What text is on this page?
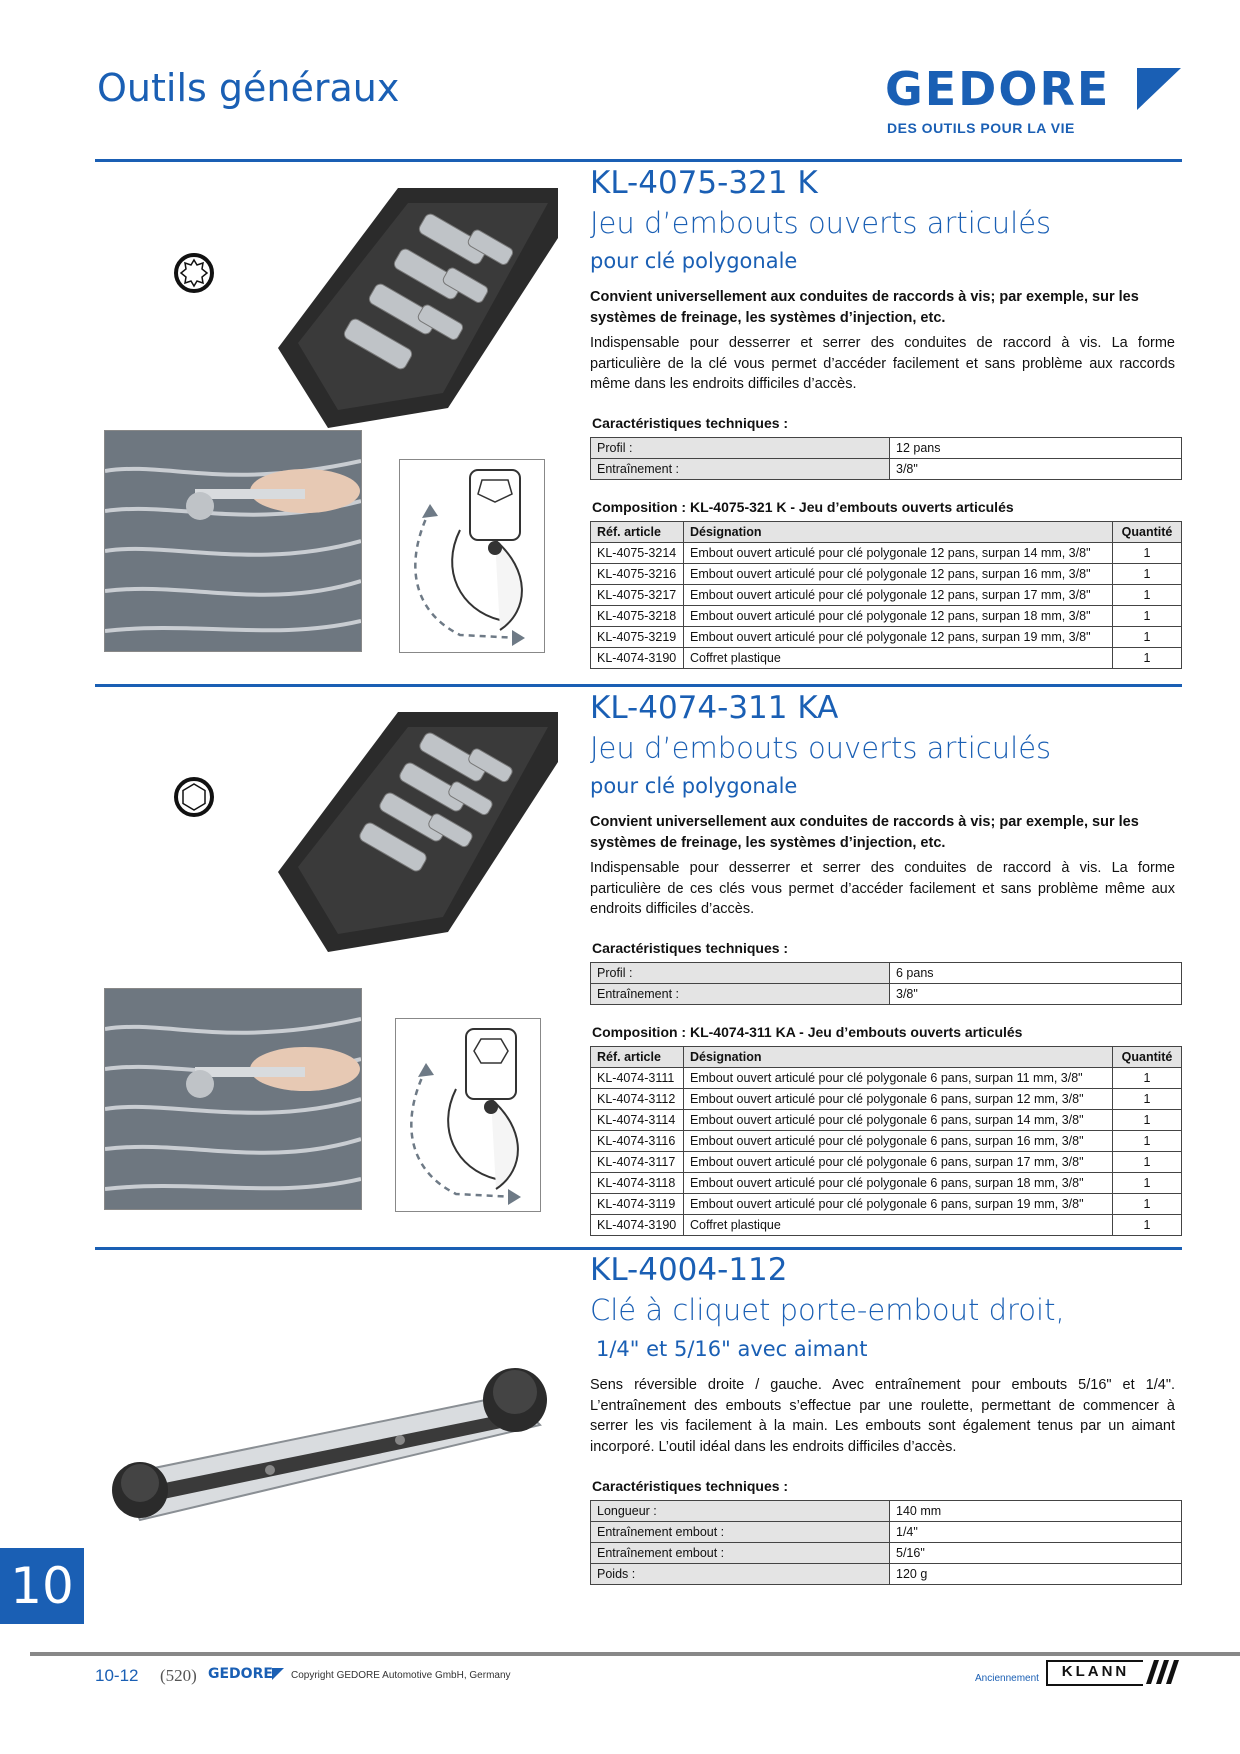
Outils généraux	GEDORE
DES OUTILS POUR LA VIE
KL-4075-321 K
Jeu d’embouts ouverts articulés
pour clé polygonale
Convient universellement aux conduites de raccords à vis; par exemple, sur les systèmes de freinage, les systèmes d’injection, etc.
Indispensable pour desserrer et serrer des conduites de raccord à vis. La forme particulière de la clé vous permet d’accéder facilement et sans problème aux raccords même dans les endroits difficiles d’accès.
Caractéristiques techniques :
Profil :	12 pans
Entraînement :	3/8"
Composition : KL-4075-321 K - Jeu d’embouts ouverts articulés
Réf. article	Désignation	Quantité
KL-4075-3214	Embout ouvert articulé pour clé polygonale 12 pans, surpan 14 mm, 3/8"	1
KL-4075-3216	Embout ouvert articulé pour clé polygonale 12 pans, surpan 16 mm, 3/8"	1
KL-4075-3217	Embout ouvert articulé pour clé polygonale 12 pans, surpan 17 mm, 3/8"	1
KL-4075-3218	Embout ouvert articulé pour clé polygonale 12 pans, surpan 18 mm, 3/8"	1
KL-4075-3219	Embout ouvert articulé pour clé polygonale 12 pans, surpan 19 mm, 3/8"	1
KL-4074-3190	Coffret plastique	1
KL-4074-311 KA
Jeu d’embouts ouverts articulés
pour clé polygonale
Convient universellement aux conduites de raccords à vis; par exemple, sur les systèmes de freinage, les systèmes d’injection, etc.
Indispensable pour desserrer et serrer des conduites de raccord à vis. La forme particulière de ces clés vous permet d’accéder facilement et sans problème même aux endroits difficiles d’accès.
Caractéristiques techniques :
Profil :	6 pans
Entraînement :	3/8"
Composition : KL-4074-311 KA - Jeu d’embouts ouverts articulés
Réf. article	Désignation	Quantité
KL-4074-3111	Embout ouvert articulé pour clé polygonale 6 pans, surpan 11 mm, 3/8"	1
KL-4074-3112	Embout ouvert articulé pour clé polygonale 6 pans, surpan 12 mm, 3/8"	1
KL-4074-3114	Embout ouvert articulé pour clé polygonale 6 pans, surpan 14 mm, 3/8"	1
KL-4074-3116	Embout ouvert articulé pour clé polygonale 6 pans, surpan 16 mm, 3/8"	1
KL-4074-3117	Embout ouvert articulé pour clé polygonale 6 pans, surpan 17 mm, 3/8"	1
KL-4074-3118	Embout ouvert articulé pour clé polygonale 6 pans, surpan 18 mm, 3/8"	1
KL-4074-3119	Embout ouvert articulé pour clé polygonale 6 pans, surpan 19 mm, 3/8"	1
KL-4074-3190	Coffret plastique	1
KL-4004-112
Clé à cliquet porte-embout droit,
1/4" et 5/16" avec aimant
Sens réversible droite / gauche. Avec entraînement pour embouts 5/16" et 1/4". L’entraînement des embouts s’effectue par une roulette, permettant de commencer à serrer les vis facilement à la main. Les embouts sont également tenus par un aimant incorporé. L’outil idéal dans les endroits difficiles d’accès.
Caractéristiques techniques :
Longueur :	140 mm
Entraînement embout :	1/4"
Entraînement embout :	5/16"
Poids :	120 g
10
10-12 (520) GEDORE Copyright GEDORE Automotive GmbH, Germany	Anciennement	KLANN
